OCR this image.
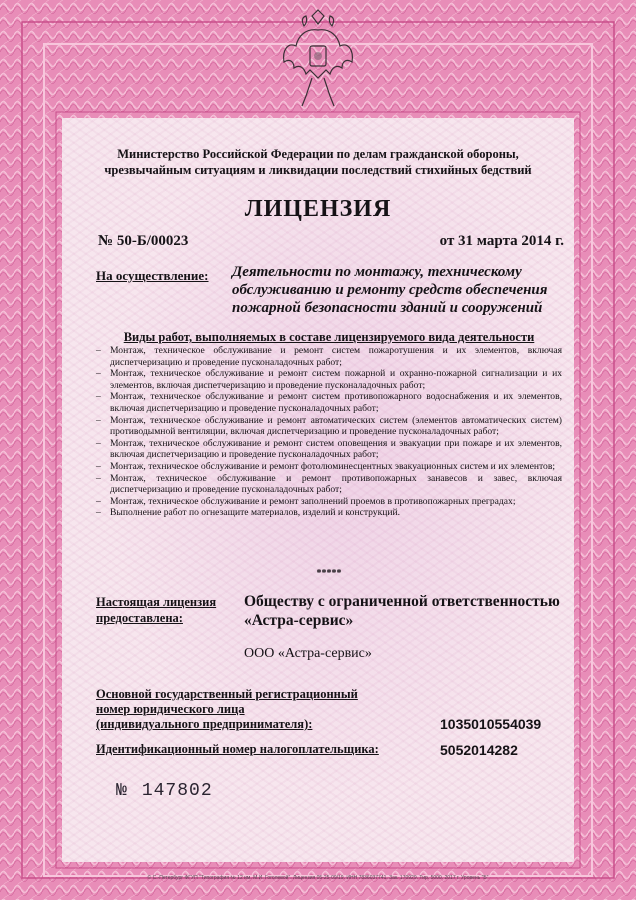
Министерство Российской Федерации по делам гражданской обороны, чрезвычайным ситуациям и ликвидации последствий стихийных бедствий
ЛИЦЕНЗИЯ
№ 50-Б/00023	от 31 марта 2014 г.
На осуществление: Деятельности по монтажу, техническому обслуживанию и ремонту средств обеспечения пожарной безопасности зданий и сооружений
Виды работ, выполняемых в составе лицензируемого вида деятельности
– Монтаж, техническое обслуживание и ремонт систем пожаротушения и их элементов, включая диспетчеризацию и проведение пусконаладочных работ;
– Монтаж, техническое обслуживание и ремонт систем пожарной и охранно-пожарной сигнализации и их элементов, включая диспетчеризацию и проведение пусконаладочных работ;
– Монтаж, техническое обслуживание и ремонт систем противопожарного водоснабжения и их элементов, включая диспетчеризацию и проведение пусконаладочных работ;
– Монтаж, техническое обслуживание и ремонт автоматических систем (элементов автоматических систем) противодымной вентиляции, включая диспетчеризацию и проведение пусконаладочных работ;
– Монтаж, техническое обслуживание и ремонт систем оповещения и эвакуации при пожаре и их элементов, включая диспетчеризацию и проведение пусконаладочных работ;
– Монтаж, техническое обслуживание и ремонт фотолюминесцентных эвакуационных систем и их элементов;
– Монтаж, техническое обслуживание и ремонт противопожарных занавесов и завес, включая диспетчеризацию и проведение пусконаладочных работ;
– Монтаж, техническое обслуживание и ремонт заполнений проемов в противопожарных преградах;
– Выполнение работ по огнезащите материалов, изделий и конструкций.
*****
Настоящая лицензия
предоставлена:
Обществу с ограниченной ответственностью
«Астра-сервис»
ООО «Астра-сервис»
Основной государственный регистрационный
номер юридического лица
(индивидуального предпринимателя):	1035010554039
Идентификационный номер налогоплательщика:	5052014282
№ 147802
© С.-Петербург ФГУП "Типография № 12 им. М.И. Гоголевой". Лицензия 05-25-09/19. ИНН 7836037741. Зак. 170929. Тир. 5000. 2017 г. Уровень "Б"
